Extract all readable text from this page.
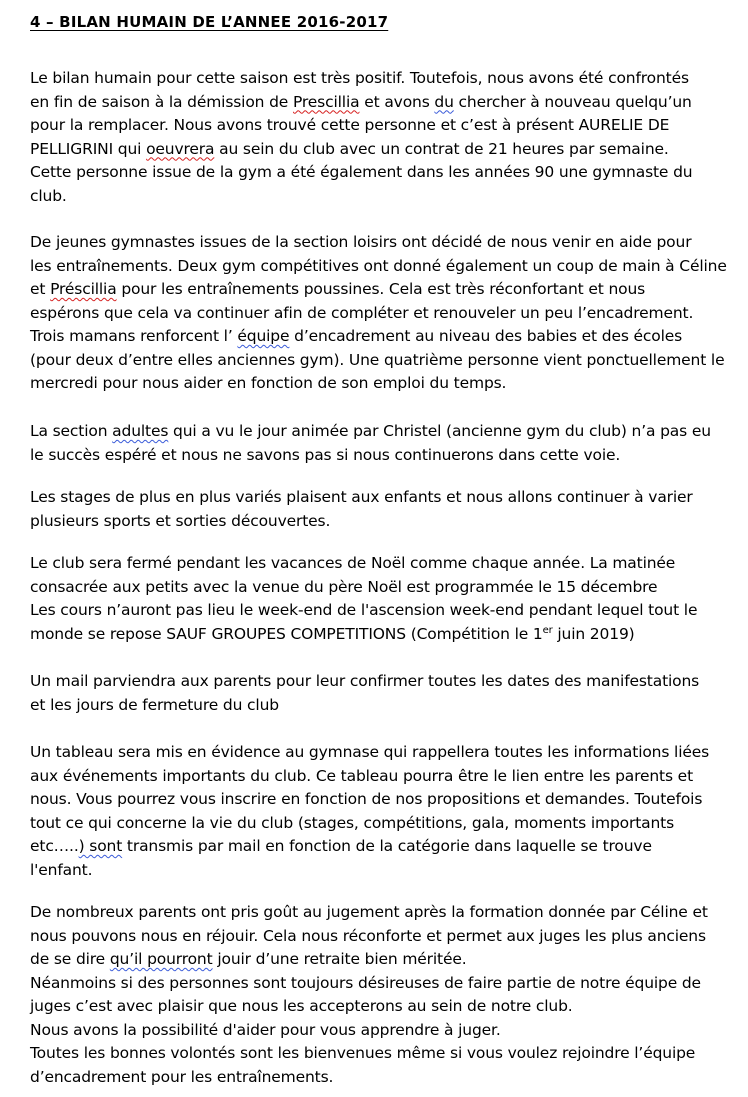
4 – BILAN HUMAIN DE L’ANNEE 2016-2017
Le bilan humain pour cette saison est très positif. Toutefois, nous avons été confrontés
en fin de saison à la démission de Prescillia et avons du chercher à nouveau quelqu’un
pour la remplacer. Nous avons trouvé cette personne et c’est à présent AURELIE DE
PELLIGRINI qui oeuvrera au sein du club avec un contrat de 21 heures par semaine.
Cette personne issue de la gym a été également dans les années 90 une gymnaste du
club.
De jeunes gymnastes issues de la section loisirs ont décidé de nous venir en aide pour
les entraînements. Deux gym compétitives ont donné également un coup de main à Céline
et Préscillia pour les entraînements poussines. Cela est très réconfortant et nous
espérons que cela va continuer afin de compléter et renouveler un peu l’encadrement.
Trois mamans renforcent l’ équipe d’encadrement au niveau des babies et des écoles
(pour deux d’entre elles anciennes gym). Une quatrième personne vient ponctuellement le
mercredi pour nous aider en fonction de son emploi du temps.
La section adultes qui a vu le jour animée par Christel (ancienne gym du club) n’a pas eu
le succès espéré et nous ne savons pas si nous continuerons dans cette voie.
Les stages de plus en plus variés plaisent aux enfants et nous allons continuer à varier
plusieurs sports et sorties découvertes.
Le club sera fermé pendant les vacances de Noël comme chaque année. La matinée
consacrée aux petits avec la venue du père Noël est programmée le 15 décembre
Les cours n’auront pas lieu le week-end de l'ascension week-end pendant lequel tout le
monde se repose SAUF GROUPES COMPETITIONS (Compétition le 1er juin 2019)
Un mail parviendra aux parents pour leur confirmer toutes les dates des manifestations
et les jours de fermeture du club
Un tableau sera mis en évidence au gymnase qui rappellera toutes les informations liées
aux événements importants du club. Ce tableau pourra être le lien entre les parents et
nous. Vous pourrez vous inscrire en fonction de nos propositions et demandes. Toutefois
tout ce qui concerne la vie du club (stages, compétitions, gala, moments importants
etc…..) sont transmis par mail en fonction de la catégorie dans laquelle se trouve
l'enfant.
De nombreux parents ont pris goût au jugement après la formation donnée par Céline et
nous pouvons nous en réjouir. Cela nous réconforte et permet aux juges les plus anciens
de se dire qu’il pourront jouir d’une retraite bien méritée.
Néanmoins si des personnes sont toujours désireuses de faire partie de notre équipe de
juges c’est avec plaisir que nous les accepterons au sein de notre club.
Nous avons la possibilité d'aider pour vous apprendre à juger.
Toutes les bonnes volontés sont les bienvenues même si vous voulez rejoindre l’équipe
d’encadrement pour les entraînements.
